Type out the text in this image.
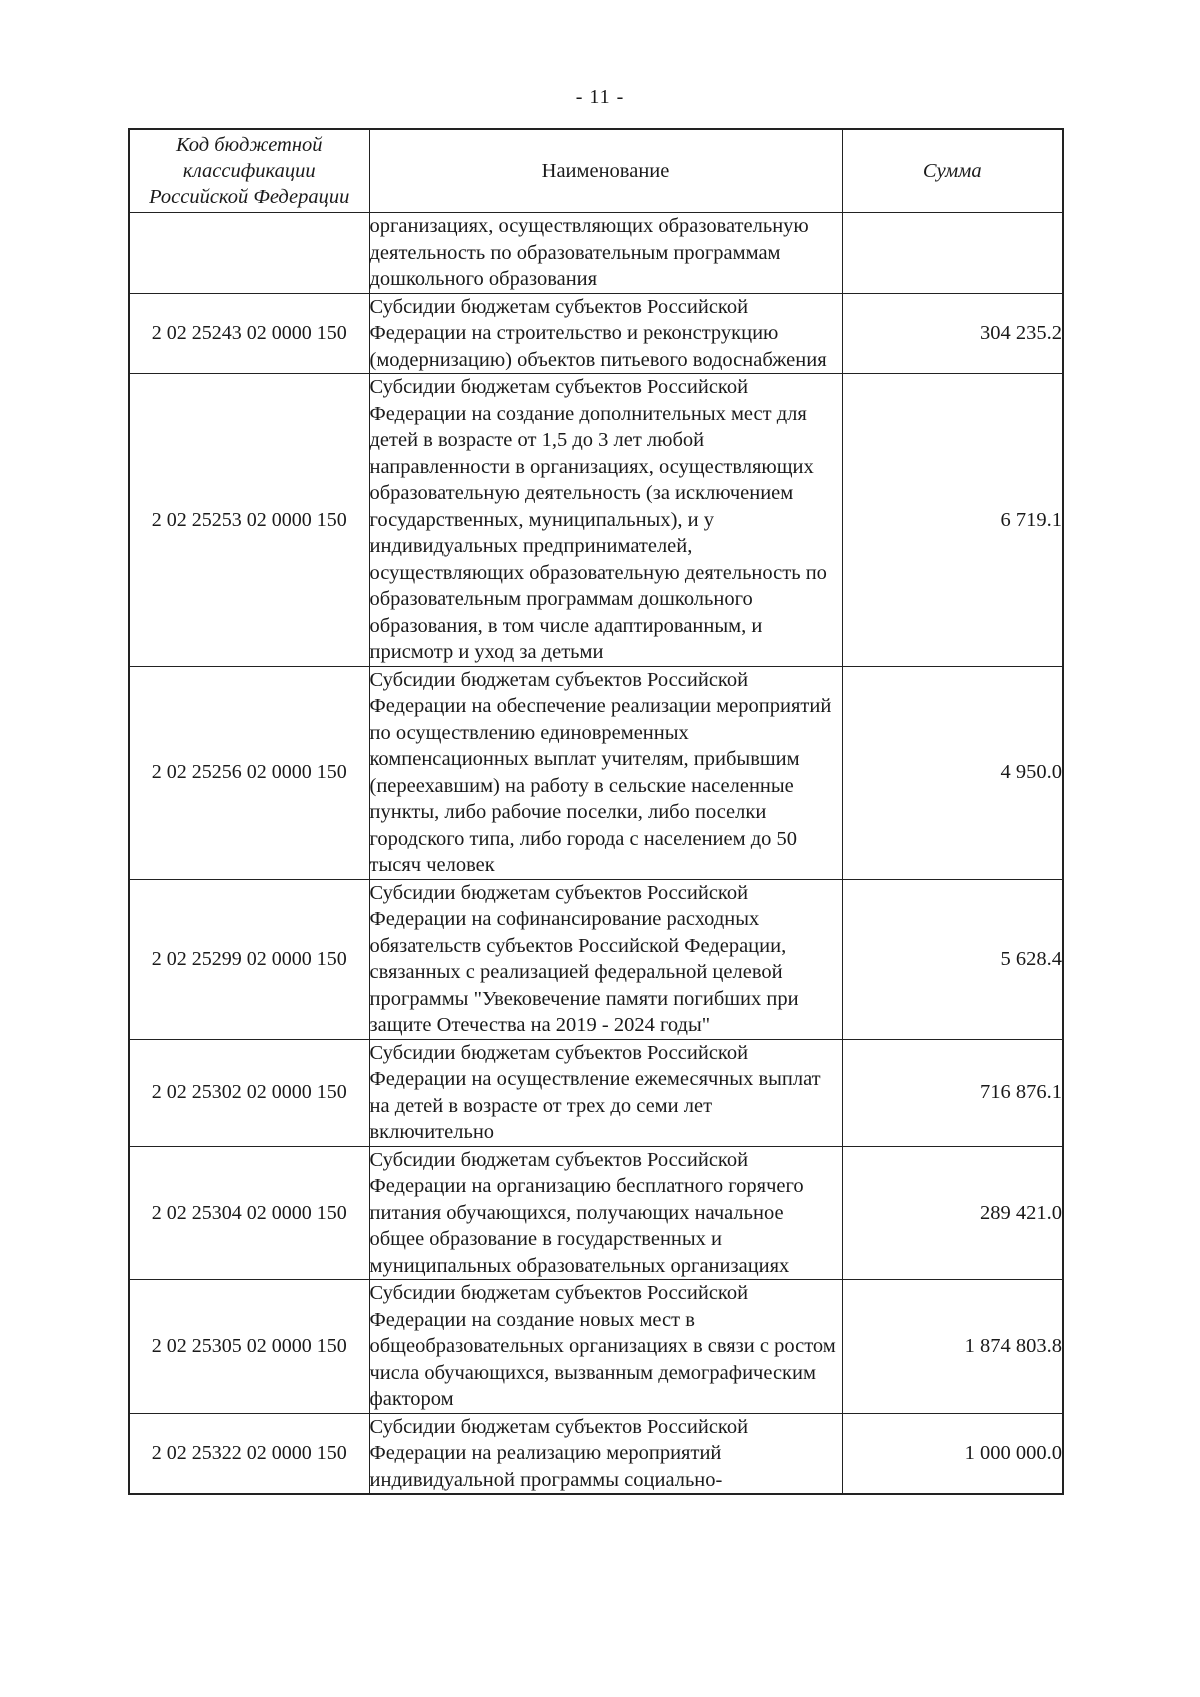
- 11 -
Код бюджетной
классификации
Российской Федерации	Наименование	Сумма
	организациях, осуществляющих образовательную деятельность по образовательным программам дошкольного образования	
2 02 25243 02 0000 150	Субсидии бюджетам субъектов Российской Федерации на строительство и реконструкцию (модернизацию) объектов питьевого водоснабжения	304 235.2
2 02 25253 02 0000 150	Субсидии бюджетам субъектов Российской Федерации на создание дополнительных мест для детей в возрасте от 1,5 до 3 лет любой направленности в организациях, осуществляющих образовательную деятельность (за исключением государственных, муниципальных), и у индивидуальных предпринимателей, осуществляющих образовательную деятельность по образовательным программам дошкольного образования, в том числе адаптированным, и присмотр и уход за детьми	6 719.1
2 02 25256 02 0000 150	Субсидии бюджетам субъектов Российской Федерации на обеспечение реализации мероприятий по осуществлению единовременных компенсационных выплат учителям, прибывшим (переехавшим) на работу в сельские населенные пункты, либо рабочие поселки, либо поселки городского типа, либо города с населением до 50 тысяч человек	4 950.0
2 02 25299 02 0000 150	Субсидии бюджетам субъектов Российской Федерации на софинансирование расходных обязательств субъектов Российской Федерации, связанных с реализацией федеральной целевой программы "Увековечение памяти погибших при защите Отечества на 2019 - 2024 годы"	5 628.4
2 02 25302 02 0000 150	Субсидии бюджетам субъектов Российской Федерации на осуществление ежемесячных выплат на детей в возрасте от трех до семи лет включительно	716 876.1
2 02 25304 02 0000 150	Субсидии бюджетам субъектов Российской Федерации на организацию бесплатного горячего питания обучающихся, получающих начальное общее образование в государственных и муниципальных образовательных организациях	289 421.0
2 02 25305 02 0000 150	Субсидии бюджетам субъектов Российской Федерации на создание новых мест в общеобразовательных организациях в связи с ростом числа обучающихся, вызванным демографическим фактором	1 874 803.8
2 02 25322 02 0000 150	Субсидии бюджетам субъектов Российской Федерации на реализацию мероприятий индивидуальной программы социально-	1 000 000.0
